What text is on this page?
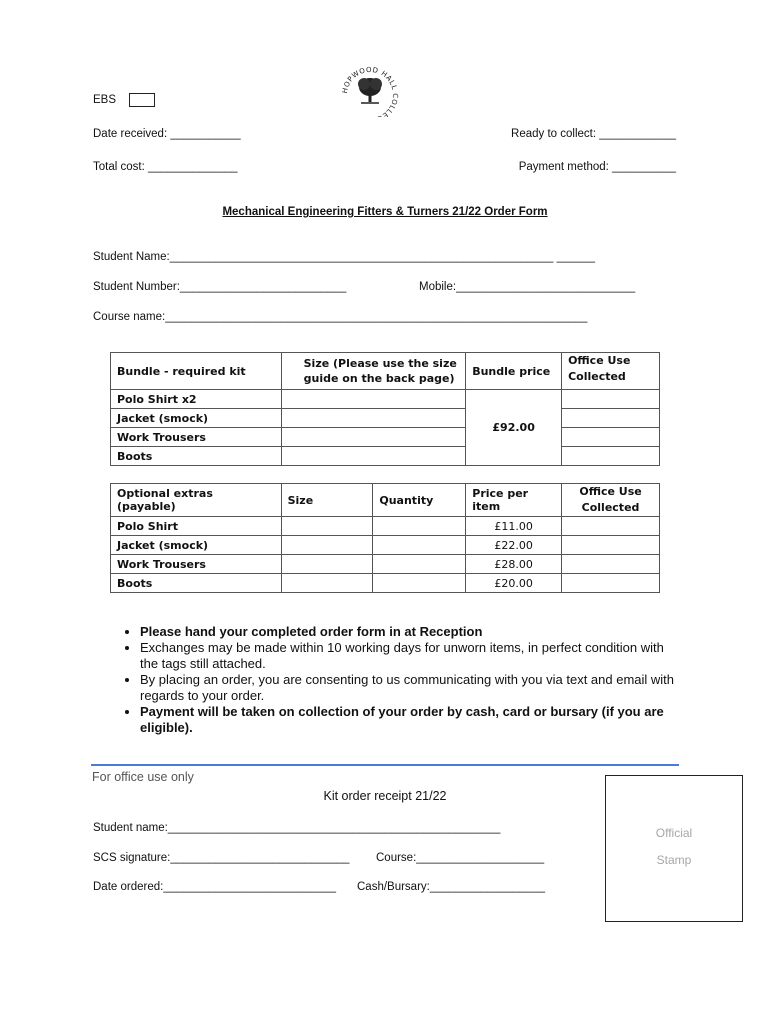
HOPWOOD HALL COLLE
EBS
Date received: ___________	Ready to collect: ____________
Total cost: ______________	Payment method: __________
Mechanical Engineering Fitters & Turners 21/22 Order Form
Student Name:____________________________________________________________ ______
Student Number:__________________________	Mobile:____________________________
Course name:__________________________________________________________________
Bundle - required kit	Size (Please use the size guide on the back page)	Bundle price	Office Use Collected

Polo Shirt x2		£92.00	
Jacket (smock)			
Work Trousers			
Boots			
Optional extras (payable)	Size	Quantity	Price per item	Office Use Collected

Polo Shirt			£11.00	
Jacket (smock)			£22.00	
Work Trousers			£28.00	
Boots			£20.00	
• Please hand your completed order form in at Reception
• Exchanges may be made within 10 working days for unworn items, in perfect condition with the tags still attached.
• By placing an order, you are consenting to us communicating with you via text and email with regards to your order.
• Payment will be taken on collection of your order by cash, card or bursary (if you are eligible).
For office use only
Kit order receipt 21/22
Student name:____________________________________________________
SCS signature:____________________________ Course:____________________
Date ordered:___________________________ Cash/Bursary:__________________
Official
Stamp
